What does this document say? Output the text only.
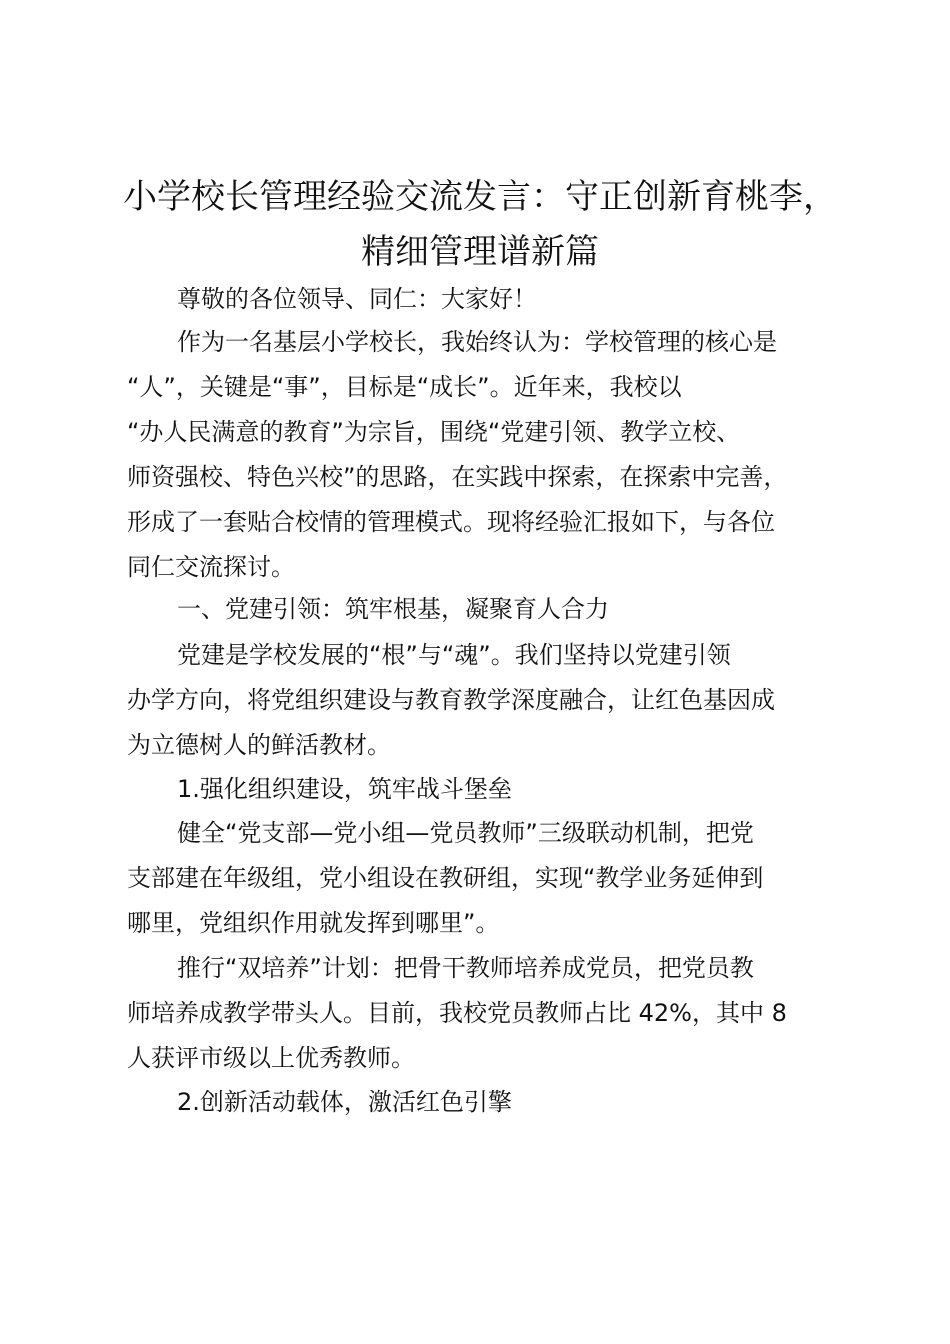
小学校长管理经验交流发言：守正创新育桃李，
精细管理谱新篇

尊敬的各位领导、同仁：大家好！

作为一名基层小学校长，我始终认为：学校管理的核心是
“人”，关键是“事”，目标是“成长”。近年来，我校以
“办人民满意的教育”为宗旨，围绕“党建引领、教学立校、
师资强校、特色兴校”的思路，在实践中探索，在探索中完善，
形成了一套贴合校情的管理模式。现将经验汇报如下，与各位
同仁交流探讨。

一、党建引领：筑牢根基，凝聚育人合力

党建是学校发展的“根”与“魂”。我们坚持以党建引领
办学方向，将党组织建设与教育教学深度融合，让红色基因成
为立德树人的鲜活教材。

1.强化组织建设，筑牢战斗堡垒

健全“党支部—党小组—党员教师”三级联动机制，把党
支部建在年级组，党小组设在教研组，实现“教学业务延伸到
哪里，党组织作用就发挥到哪里”。

推行“双培养”计划：把骨干教师培养成党员，把党员教
师培养成教学带头人。目前，我校党员教师占比 42%，其中 8
人获评市级以上优秀教师。

2.创新活动载体，激活红色引擎
